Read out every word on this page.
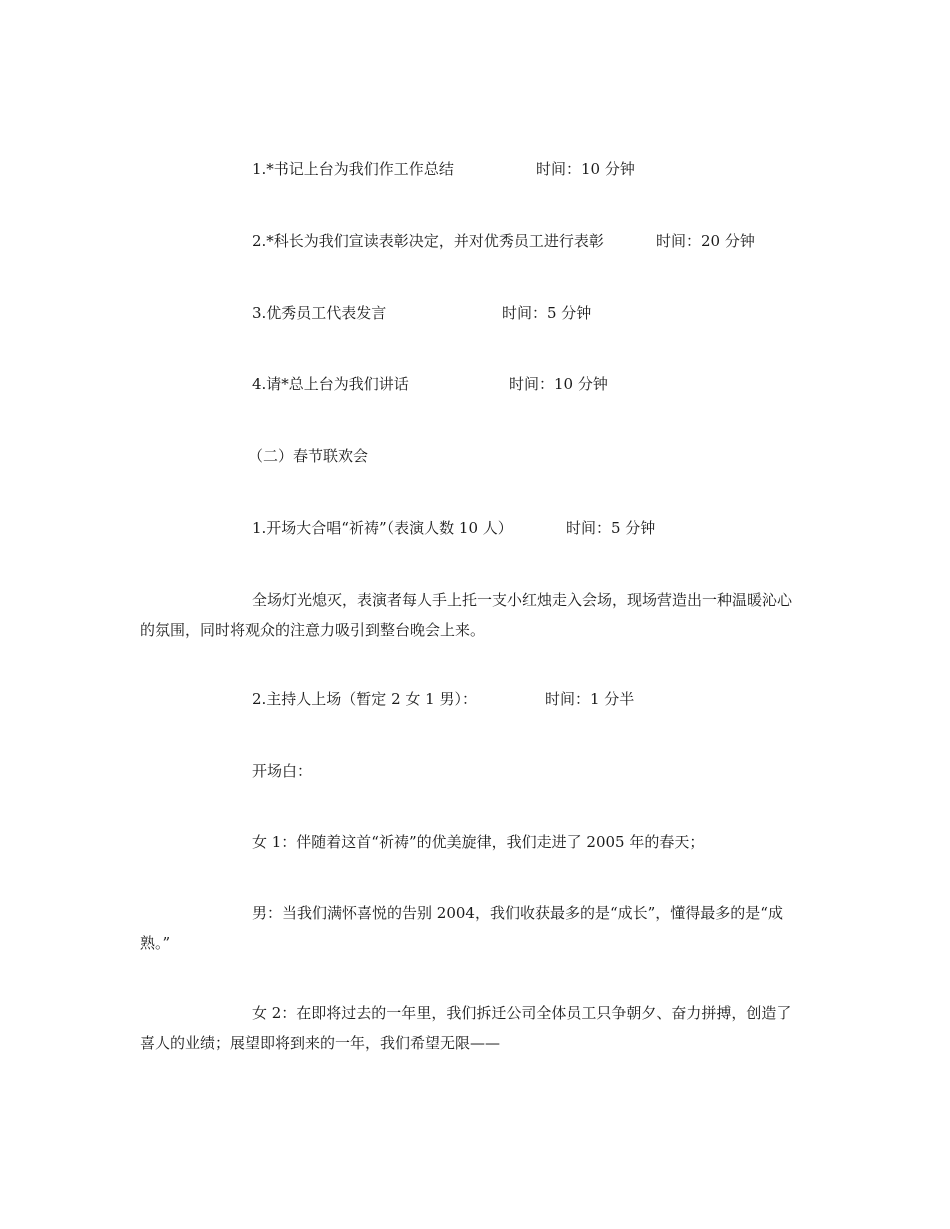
1.*书记上台为我们作工作总结	时间：10 分钟
2.*科长为我们宣读表彰决定，并对优秀员工进行表彰	时间：20 分钟
3.优秀员工代表发言	时间：5 分钟
4.请*总上台为我们讲话	时间：10 分钟
（二）春节联欢会
1.开场大合唱“祈祷”（表演人数 10 人）	时间：5 分钟
全场灯光熄灭，表演者每人手上托一支小红烛走入会场，现场营造出一种温暖沁心的氛围，同时将观众的注意力吸引到整台晚会上来。
2.主持人上场（暂定 2 女 1 男）：	时间：1 分半
开场白：
女 1：伴随着这首“祈祷”的优美旋律，我们走进了 2005 年的春天；
男：当我们满怀喜悦的告别 2004，我们收获最多的是“成长”，懂得最多的是“成熟。”
女 2：在即将过去的一年里，我们拆迁公司全体员工只争朝夕、奋力拼搏，创造了喜人的业绩；展望即将到来的一年，我们希望无限——
